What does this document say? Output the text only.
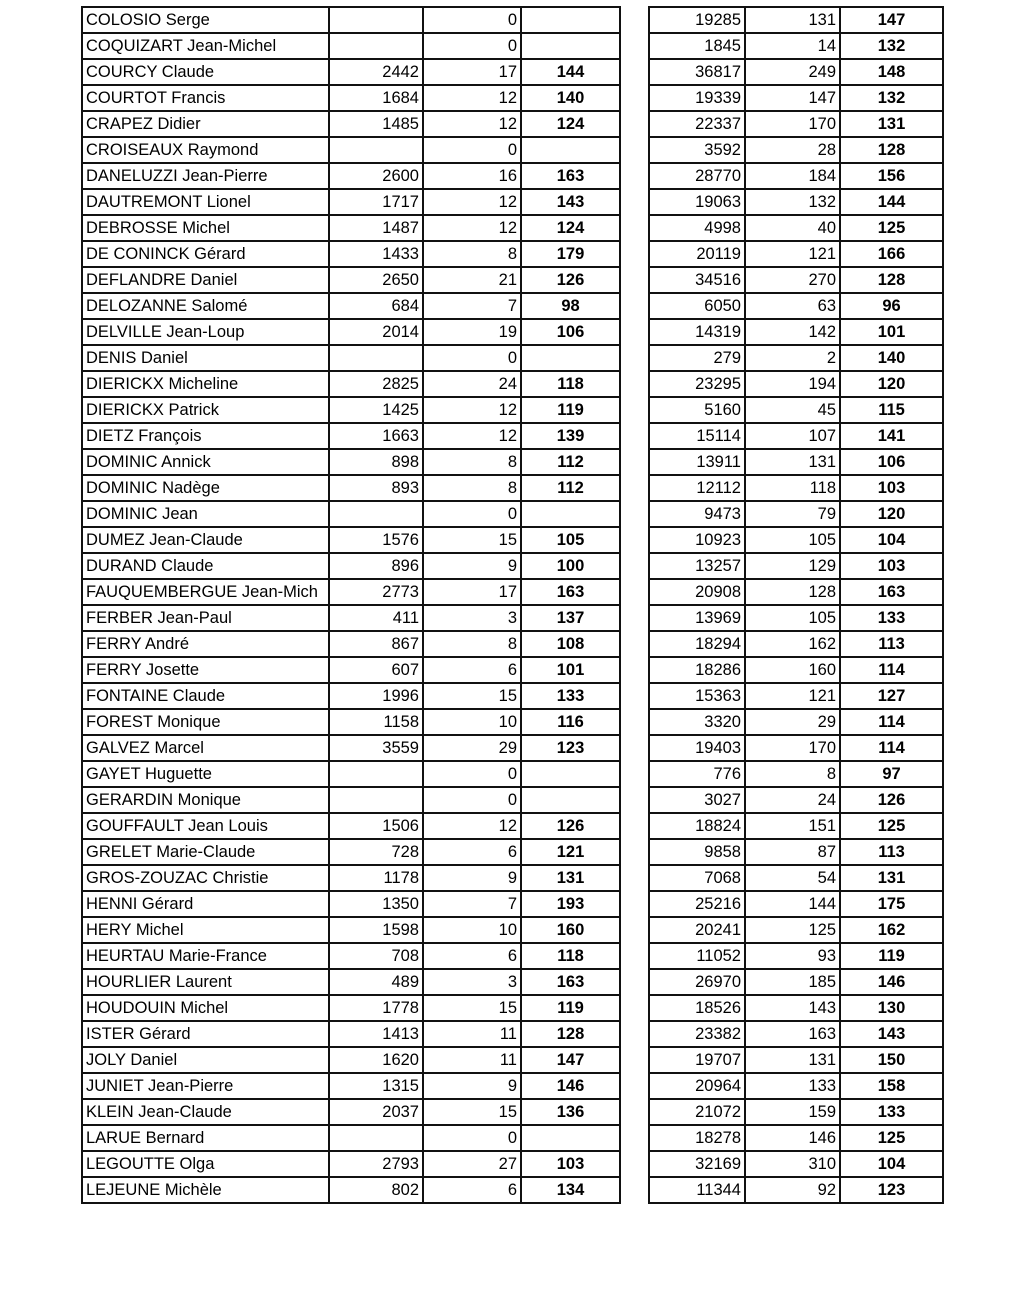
COLOSIO Serge		0	
COQUIZART Jean-Michel		0	
COURCY Claude	2442	17	144
COURTOT Francis	1684	12	140
CRAPEZ Didier	1485	12	124
CROISEAUX Raymond		0	
DANELUZZI Jean-Pierre	2600	16	163
DAUTREMONT Lionel	1717	12	143
DEBROSSE Michel	1487	12	124
DE CONINCK Gérard	1433	8	179
DEFLANDRE Daniel	2650	21	126
DELOZANNE Salomé	684	7	98
DELVILLE Jean-Loup	2014	19	106
DENIS Daniel		0	
DIERICKX Micheline	2825	24	118
DIERICKX Patrick	1425	12	119
DIETZ François	1663	12	139
DOMINIC Annick	898	8	112
DOMINIC Nadège	893	8	112
DOMINIC Jean		0	
DUMEZ Jean-Claude	1576	15	105
DURAND Claude	896	9	100
FAUQUEMBERGUE Jean-Mich	2773	17	163
FERBER Jean-Paul	411	3	137
FERRY André	867	8	108
FERRY Josette	607	6	101
FONTAINE Claude	1996	15	133
FOREST Monique	1158	10	116
GALVEZ Marcel	3559	29	123
GAYET Huguette		0	
GERARDIN Monique		0	
GOUFFAULT Jean Louis	1506	12	126
GRELET Marie-Claude	728	6	121
GROS-ZOUZAC Christie	1178	9	131
HENNI Gérard	1350	7	193
HERY Michel	1598	10	160
HEURTAU Marie-France	708	6	118
HOURLIER Laurent	489	3	163
HOUDOUIN Michel	1778	15	119
ISTER Gérard	1413	11	128
JOLY Daniel	1620	11	147
JUNIET Jean-Pierre	1315	9	146
KLEIN Jean-Claude	2037	15	136
LARUE Bernard		0	
LEGOUTTE Olga	2793	27	103
LEJEUNE Michèle	802	6	134
19285	131	147
1845	14	132
36817	249	148
19339	147	132
22337	170	131
3592	28	128
28770	184	156
19063	132	144
4998	40	125
20119	121	166
34516	270	128
6050	63	96
14319	142	101
279	2	140
23295	194	120
5160	45	115
15114	107	141
13911	131	106
12112	118	103
9473	79	120
10923	105	104
13257	129	103
20908	128	163
13969	105	133
18294	162	113
18286	160	114
15363	121	127
3320	29	114
19403	170	114
776	8	97
3027	24	126
18824	151	125
9858	87	113
7068	54	131
25216	144	175
20241	125	162
11052	93	119
26970	185	146
18526	143	130
23382	163	143
19707	131	150
20964	133	158
21072	159	133
18278	146	125
32169	310	104
11344	92	123
